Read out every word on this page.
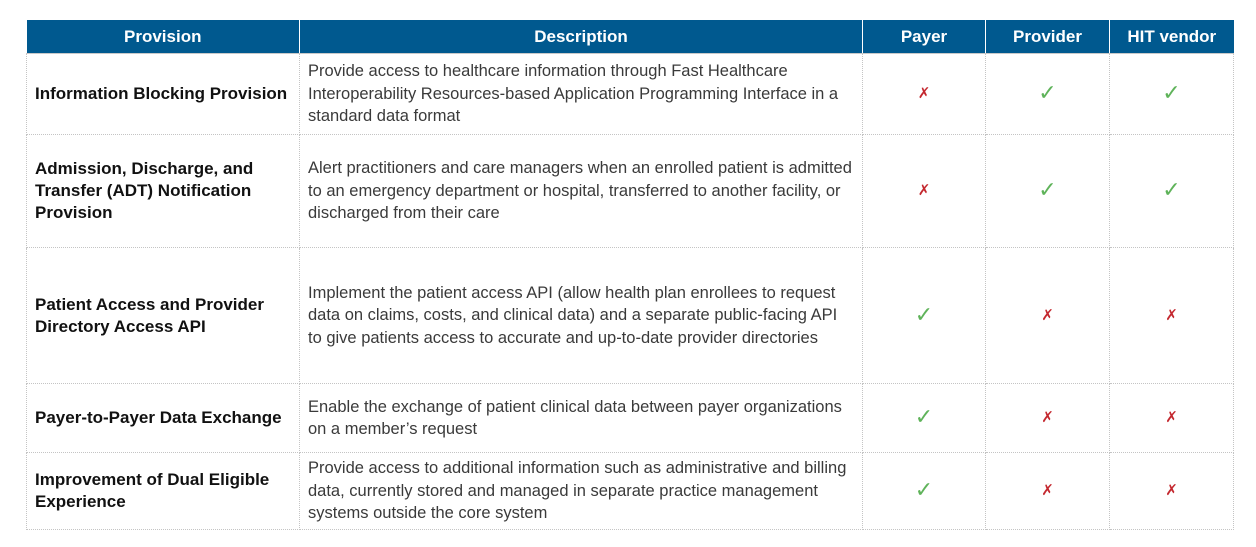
Provision	Description	Payer	Provider	HIT vendor
Information Blocking Provision	Provide access to healthcare information through Fast Healthcare Interoperability Resources-based Application Programming Interface in a standard data format	✗	✓	✓
Admission, Discharge, and Transfer (ADT) Notification Provision	Alert practitioners and care managers when an enrolled patient is admitted to an emergency department or hospital, transferred to another facility, or discharged from their care	✗	✓	✓
Patient Access and Provider Directory Access API	Implement the patient access API (allow health plan enrollees to request data on claims, costs, and clinical data) and a separate public-facing API to give patients access to accurate and up-to-date provider directories	✓	✗	✗
Payer-to-Payer Data Exchange	Enable the exchange of patient clinical data between payer organizations on a member’s request	✓	✗	✗
Improvement of Dual Eligible Experience	Provide access to additional information such as administrative and billing data, currently stored and managed in separate practice management systems outside the core system	✓	✗	✗
